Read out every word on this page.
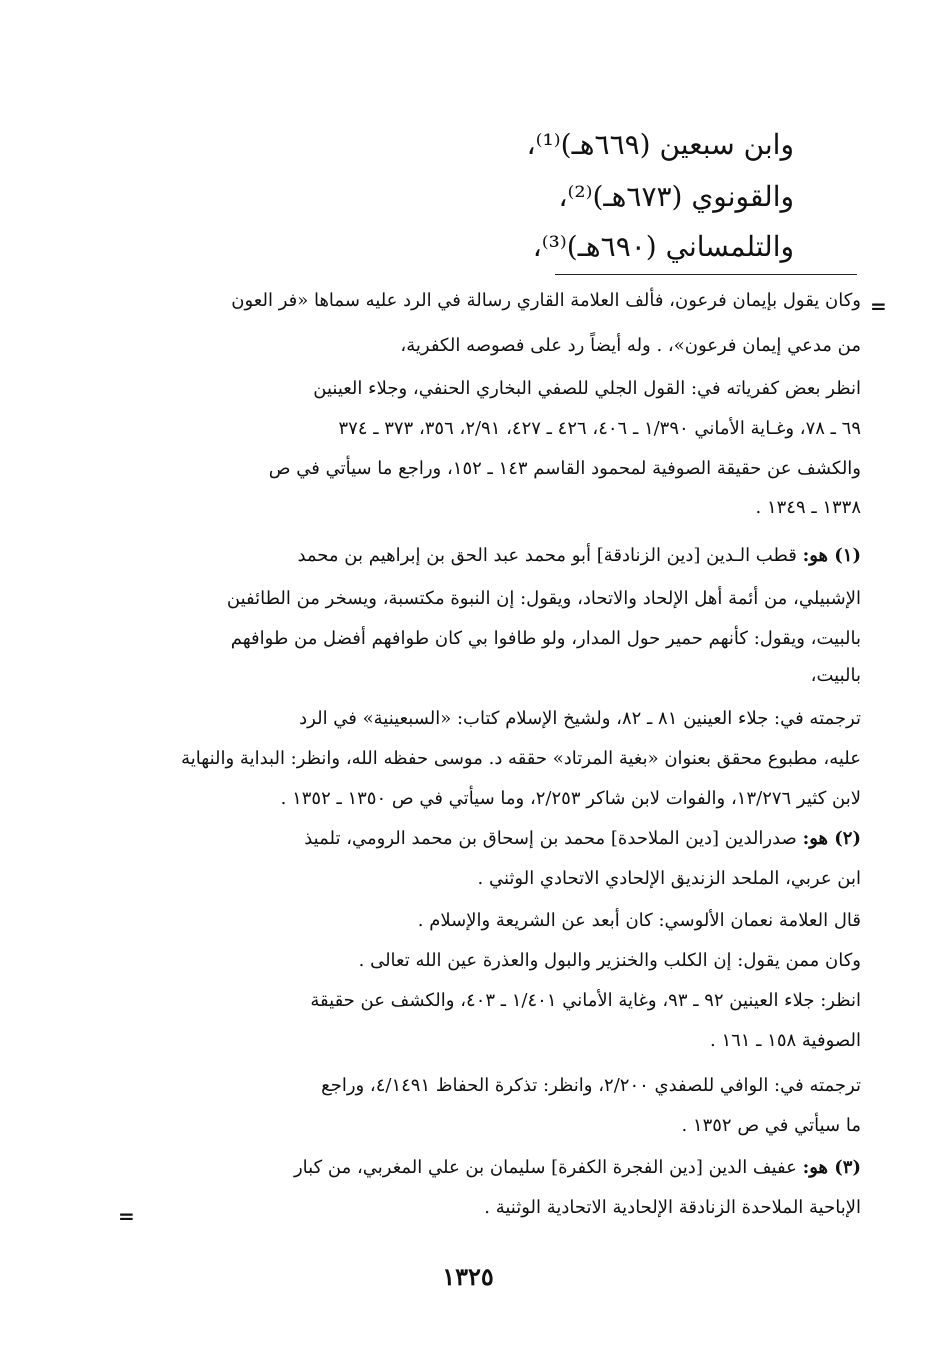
وابن سبعين (٦٦٩هـ)⁽¹⁾،
والقونوي (٦٧٣هـ)⁽²⁾،
والتلمساني (٦٩٠هـ)⁽³⁾،
=
وكان يقول بإيمان فرعون، فألف العلامة القاري رسالة في الرد عليه سماها «فر العون
من مدعي إيمان فرعون»، . وله أيضاً رد على فصوصه الكفرية،
انظر بعض كفرياته في: القول الجلي للصفي البخاري الحنفي، وجلاء العينين
٦٩ ـ ٧٨، وغـاية الأماني ١/٣٩٠ ـ ٤٠٦، ٤٢٦ ـ ٤٢٧، ٢/٩١، ٣٥٦، ٣٧٣ ـ ٣٧٤
والكشف عن حقيقة الصوفية لمحمود القاسم ١٤٣ ـ ١٥٢، وراجع ما سيأتي في ص
١٣٣٨ ـ ١٣٤٩ .
(١) هو: قطب الـدين [دين الزنادقة] أبو محمد عبد الحق بن إبراهيم بن محمد
الإشبيلي، من أئمة أهل الإلحاد والاتحاد، ويقول: إن النبوة مكتسبة، ويسخر من الطائفين
بالبيت، ويقول: كأنهم حمير حول المدار، ولو طافوا بي كان طوافهم أفضل من طوافهم
بالبيت،
ترجمته في: جلاء العينين ٨١ ـ ٨٢، ولشيخ الإسلام كتاب: «السبعينية» في الرد
عليه، مطبوع محقق بعنوان «بغية المرتاد» حققه د. موسى حفظه الله، وانظر: البداية والنهاية
لابن كثير ١٣/٢٧٦، والفوات لابن شاكر ٢/٢٥٣، وما سيأتي في ص ١٣٥٠ ـ ١٣٥٢ .
(٢) هو: صدرالدين [دين الملاحدة] محمد بن إسحاق بن محمد الرومي، تلميذ
ابن عربي، الملحد الزنديق الإلحادي الاتحادي الوثني .
قال العلامة نعمان الألوسي: كان أبعد عن الشريعة والإسلام .
وكان ممن يقول: إن الكلب والخنزير والبول والعذرة عين الله تعالى .
انظر: جلاء العينين ٩٢ ـ ٩٣، وغاية الأماني ١/٤٠١ ـ ٤٠٣، والكشف عن حقيقة
الصوفية ١٥٨ ـ ١٦١ .
ترجمته في: الوافي للصفدي ٢/٢٠٠، وانظر: تذكرة الحفاظ ٤/١٤٩١، وراجع
ما سيأتي في ص ١٣٥٢ .
(٣) هو: عفيف الدين [دين الفجرة الكفرة] سليمان بن علي المغربي، من كبار
الإباحية الملاحدة الزنادقة الإلحادية الاتحادية الوثنية .
=
١٣٢٥
